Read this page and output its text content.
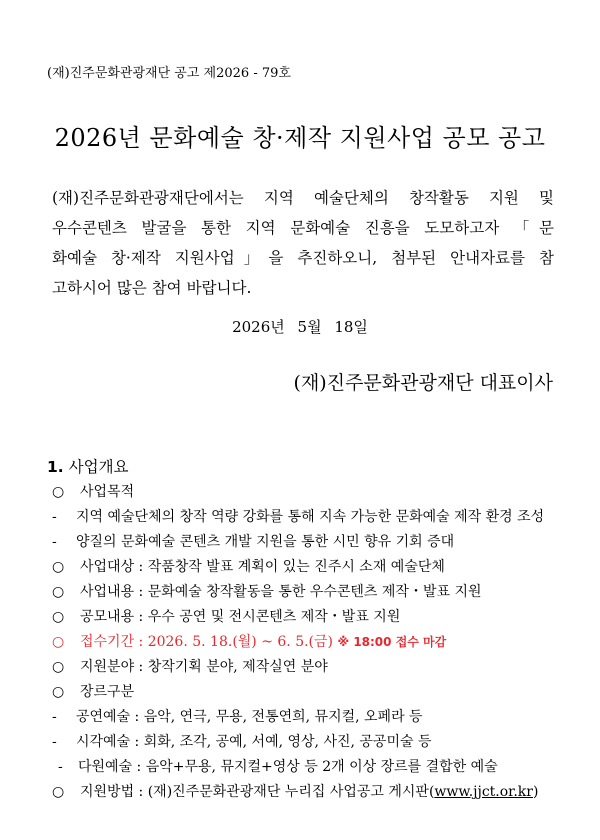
(재)진주문화관광재단 공고 제2026 - 79호
2026년 문화예술 창·제작 지원사업 공모 공고
(재)진주문화관광재단에서는 지역 예술단체의 창작활동 지원 및
우수콘텐츠 발굴을 통한 지역 문화예술 진흥을 도모하고자 「문
화예술 창·제작 지원사업」을 추진하오니, 첨부된 안내자료를 참
고하시어 많은 참여 바랍니다.
2026년 5월 18일
(재)진주문화관광재단 대표이사
1. 사업개요
○ 사업목적
- 지역 예술단체의 창작 역량 강화를 통해 지속 가능한 문화예술 제작 환경 조성
- 양질의 문화예술 콘텐츠 개발 지원을 통한 시민 향유 기회 증대
○ 사업대상 : 작품창작 발표 계획이 있는 진주시 소재 예술단체
○ 사업내용 : 문화예술 창작활동을 통한 우수콘텐츠 제작・발표 지원
○ 공모내용 : 우수 공연 및 전시콘텐츠 제작・발표 지원
○ 접수기간 : 2026. 5. 18.(월) ~ 6. 5.(금) ※ 18:00 접수 마감
○ 지원분야 : 창작기획 분야, 제작실연 분야
○ 장르구분
- 공연예술 : 음악, 연극, 무용, 전통연희, 뮤지컬, 오페라 등
- 시각예술 : 회화, 조각, 공예, 서예, 영상, 사진, 공공미술 등
- 다원예술 : 음악+무용, 뮤지컬+영상 등 2개 이상 장르를 결합한 예술
○ 지원방법 : (재)진주문화관광재단 누리집 사업공고 게시판(www.jjct.or.kr)
